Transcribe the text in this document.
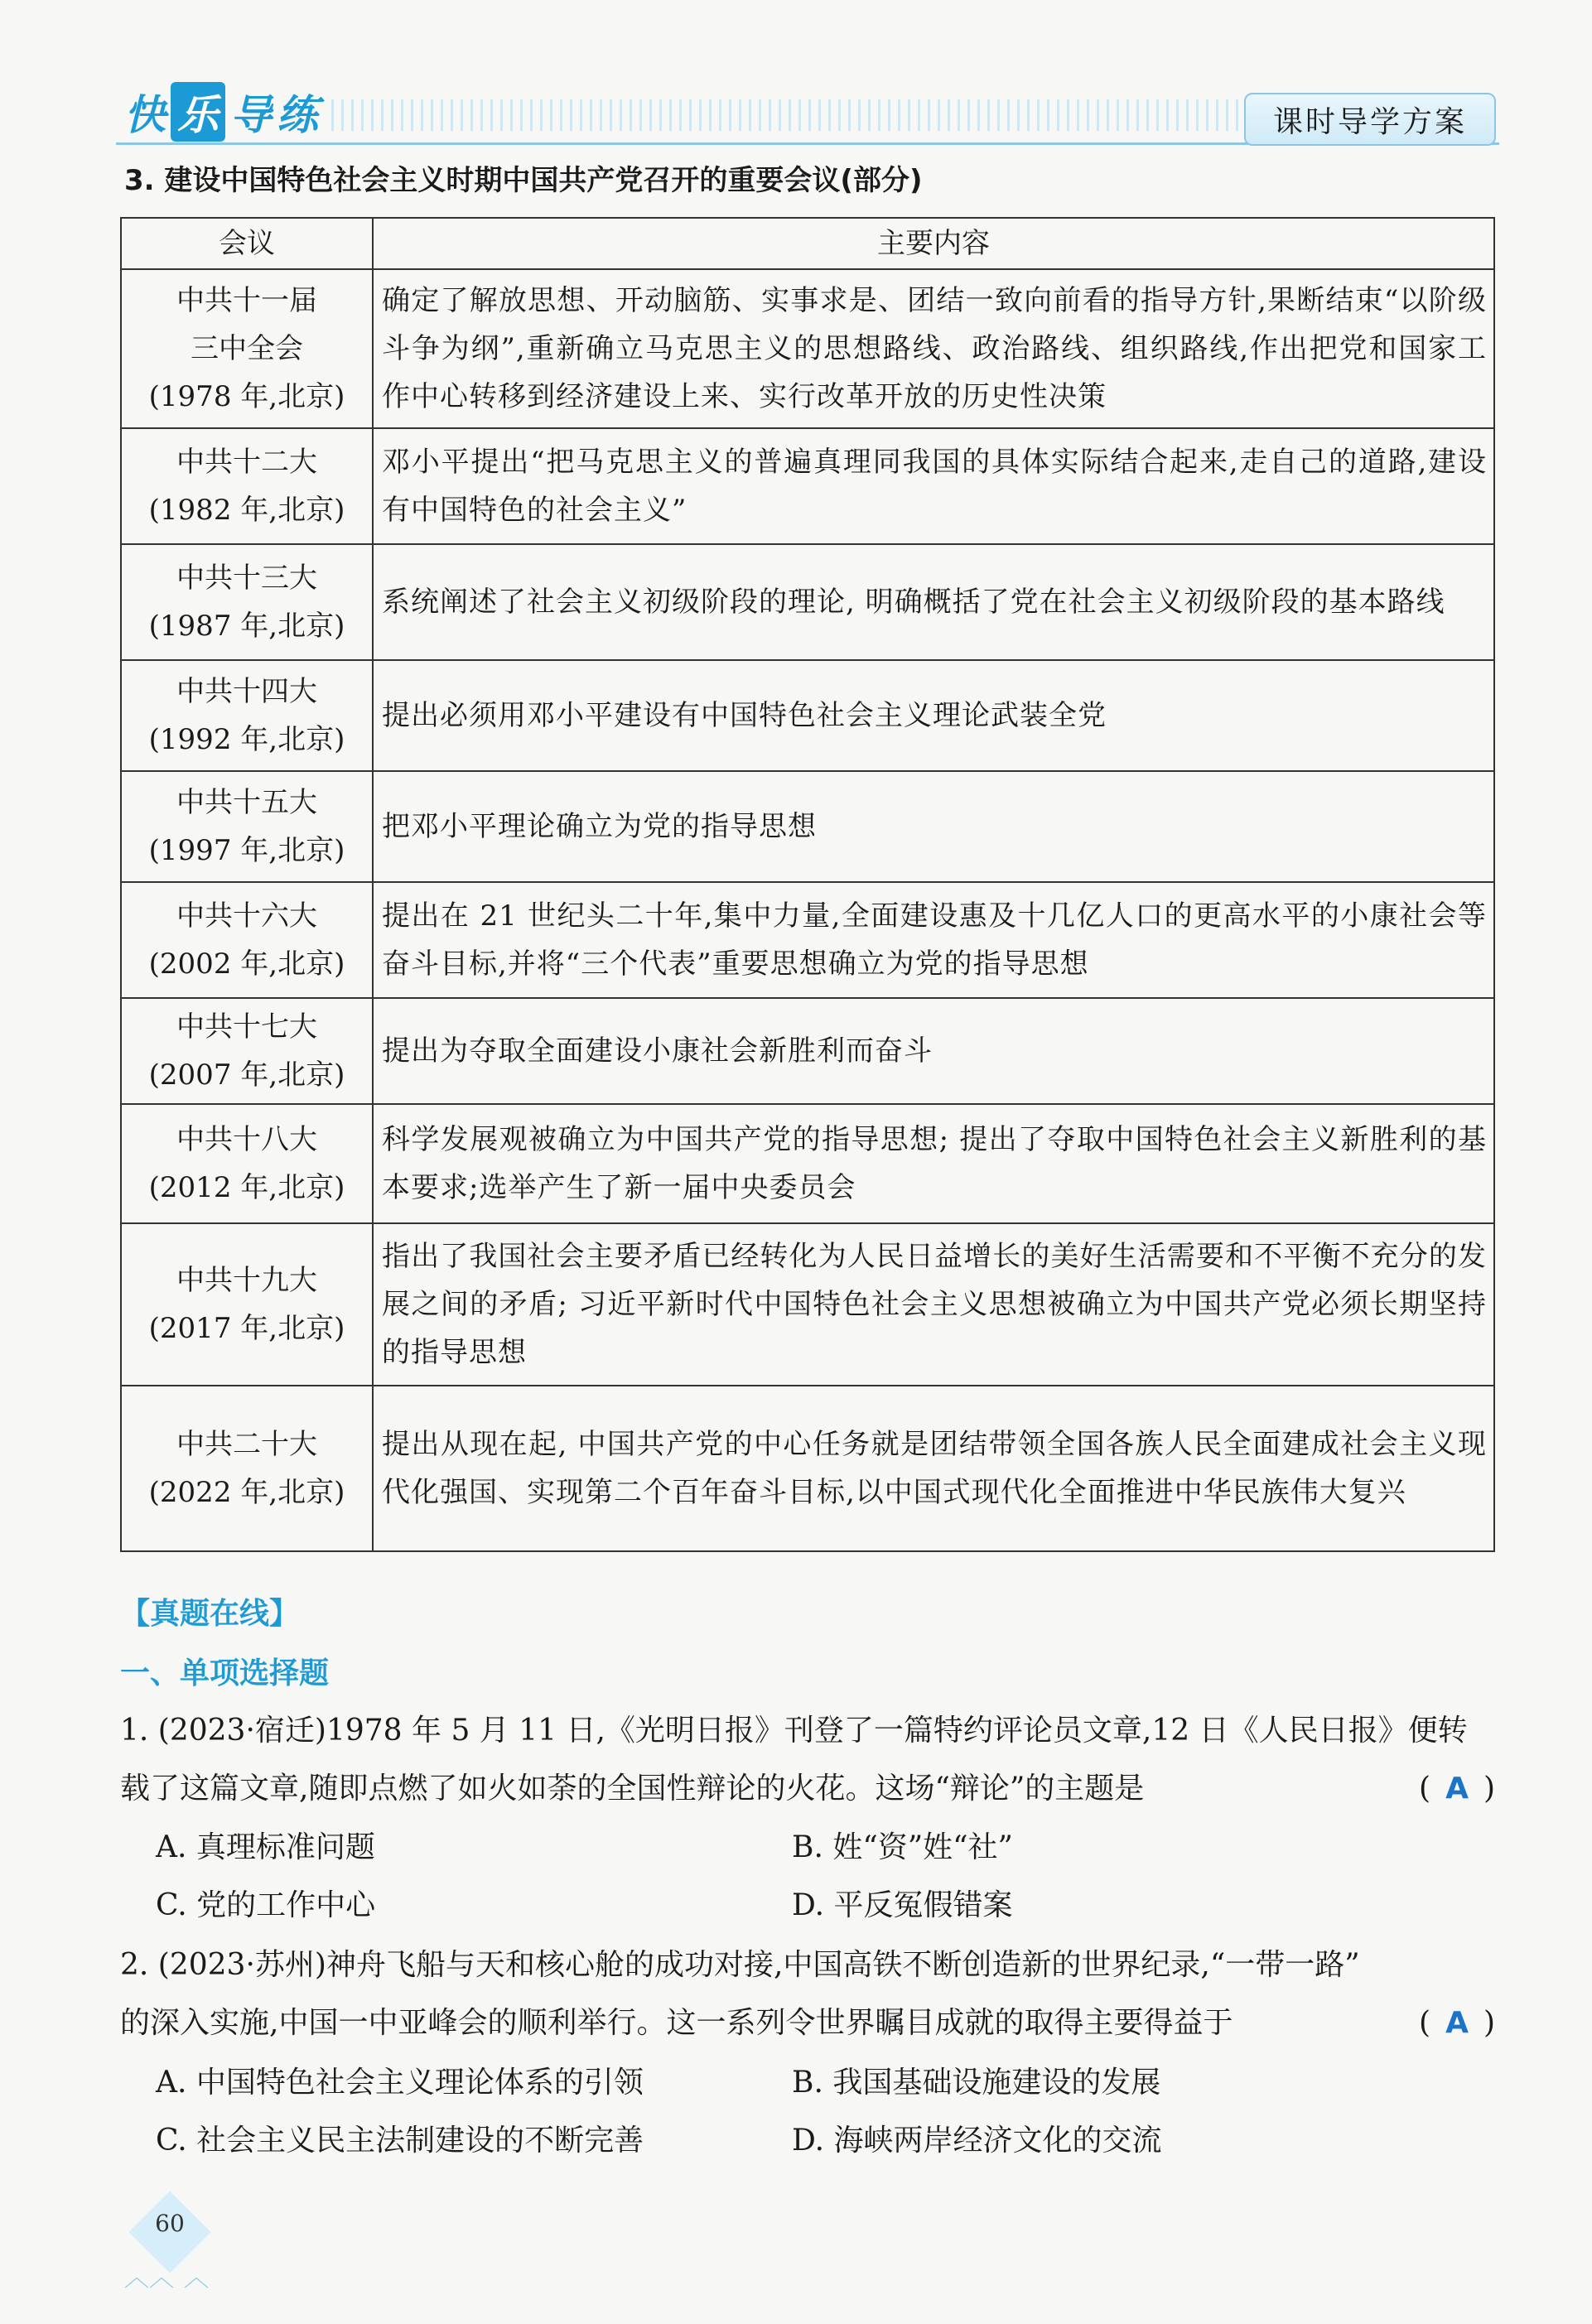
快 乐 导 练	课时导学方案
3. 建设中国特色社会主义时期中国共产党召开的重要会议(部分)
会议	主要内容

中共十一届
三中全会
(1978 年,北京)	确定了解放思想、开动脑筋、实事求是、团结一致向前看的指导方针,果断结束“以阶级斗争为纲”,重新确立马克思主义的思想路线、政治路线、组织路线,作出把党和国家工作中心转移到经济建设上来、实行改革开放的历史性决策

中共十二大
(1982 年,北京)	邓小平提出“把马克思主义的普遍真理同我国的具体实际结合起来,走自己的道路,建设有中国特色的社会主义”

中共十三大
(1987 年,北京)	系统阐述了社会主义初级阶段的理论, 明确概括了党在社会主义初级阶段的基本路线

中共十四大
(1992 年,北京)	提出必须用邓小平建设有中国特色社会主义理论武装全党

中共十五大
(1997 年,北京)	把邓小平理论确立为党的指导思想

中共十六大
(2002 年,北京)	提出在 21 世纪头二十年,集中力量,全面建设惠及十几亿人口的更高水平的小康社会等奋斗目标,并将“三个代表”重要思想确立为党的指导思想

中共十七大
(2007 年,北京)	提出为夺取全面建设小康社会新胜利而奋斗

中共十八大
(2012 年,北京)	科学发展观被确立为中国共产党的指导思想; 提出了夺取中国特色社会主义新胜利的基本要求;选举产生了新一届中央委员会

中共十九大
(2017 年,北京)	指出了我国社会主要矛盾已经转化为人民日益增长的美好生活需要和不平衡不充分的发展之间的矛盾; 习近平新时代中国特色社会主义思想被确立为中国共产党必须长期坚持的指导思想

中共二十大
(2022 年,北京)	提出从现在起, 中国共产党的中心任务就是团结带领全国各族人民全面建成社会主义现代化强国、实现第二个百年奋斗目标,以中国式现代化全面推进中华民族伟大复兴
【真题在线】
一、单项选择题
1. (2023·宿迁)1978 年 5 月 11 日,《光明日报》刊登了一篇特约评论员文章,12 日《人民日报》便转
载了这篇文章,随即点燃了如火如荼的全国性辩论的火花。这场“辩论”的主题是	( A )
A. 真理标准问题	B. 姓“资”姓“社”
C. 党的工作中心	D. 平反冤假错案
2. (2023·苏州)神舟飞船与天和核心舱的成功对接,中国高铁不断创造新的世界纪录,“一带一路”
的深入实施,中国一中亚峰会的顺利举行。这一系列令世界瞩目成就的取得主要得益于	( A )
A. 中国特色社会主义理论体系的引领	B. 我国基础设施建设的发展
C. 社会主义民主法制建设的不断完善	D. 海峡两岸经济文化的交流
60
︿︿ ︿
